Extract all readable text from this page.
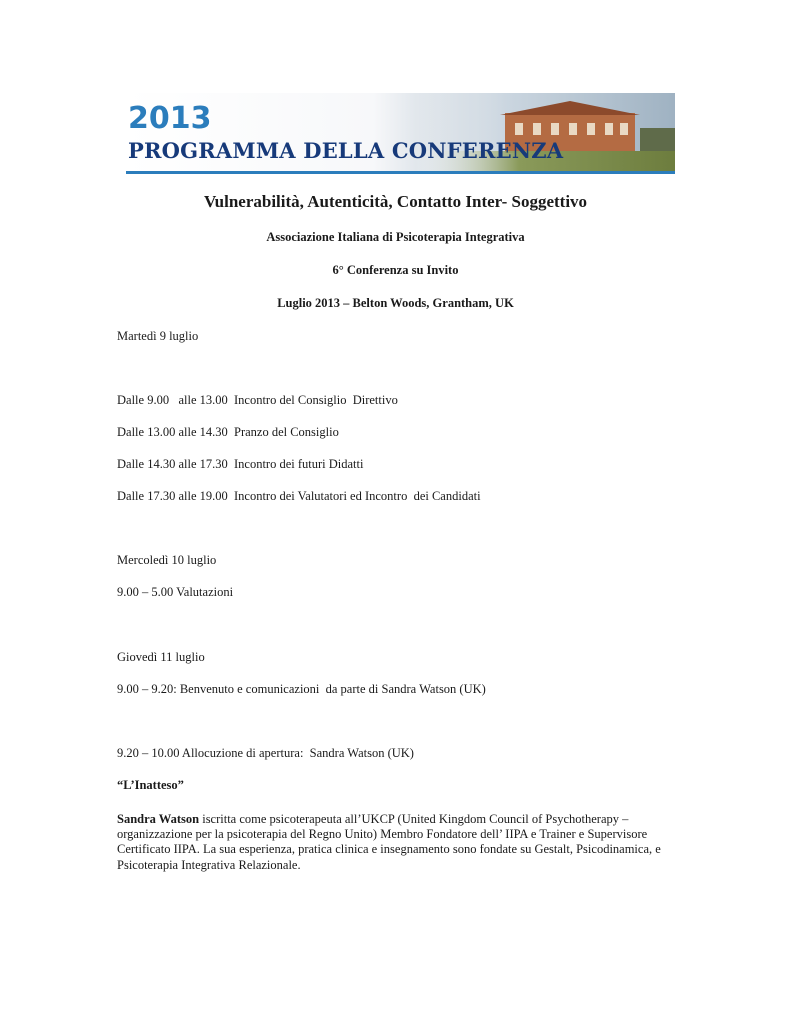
2013
PROGRAMMA DELLA CONFERENZA
Vulnerabilità, Autenticità, Contatto Inter- Soggettivo
Associazione Italiana di Psicoterapia Integrativa
6° Conferenza su Invito
Luglio 2013 – Belton Woods, Grantham, UK
Martedì 9 luglio
Dalle 9.00   alle 13.00  Incontro del Consiglio  Direttivo
Dalle 13.00 alle 14.30  Pranzo del Consiglio
Dalle 14.30 alle 17.30  Incontro dei futuri Didatti
Dalle 17.30 alle 19.00  Incontro dei Valutatori ed Incontro  dei Candidati
Mercoledì 10 luglio
9.00 – 5.00 Valutazioni
Giovedì 11 luglio
9.00 – 9.20: Benvenuto e comunicazioni  da parte di Sandra Watson (UK)
9.20 – 10.00 Allocuzione di apertura:  Sandra Watson (UK)
“L’Inatteso”
Sandra Watson iscritta come psicoterapeuta all’UKCP (United Kingdom Council of Psychotherapy – organizzazione per la psicoterapia del Regno Unito) Membro Fondatore dell’ IIPA e Trainer e Supervisore Certificato IIPA. La sua esperienza, pratica clinica e insegnamento sono fondate su Gestalt, Psicodinamica, e Psicoterapia Integrativa Relazionale.
